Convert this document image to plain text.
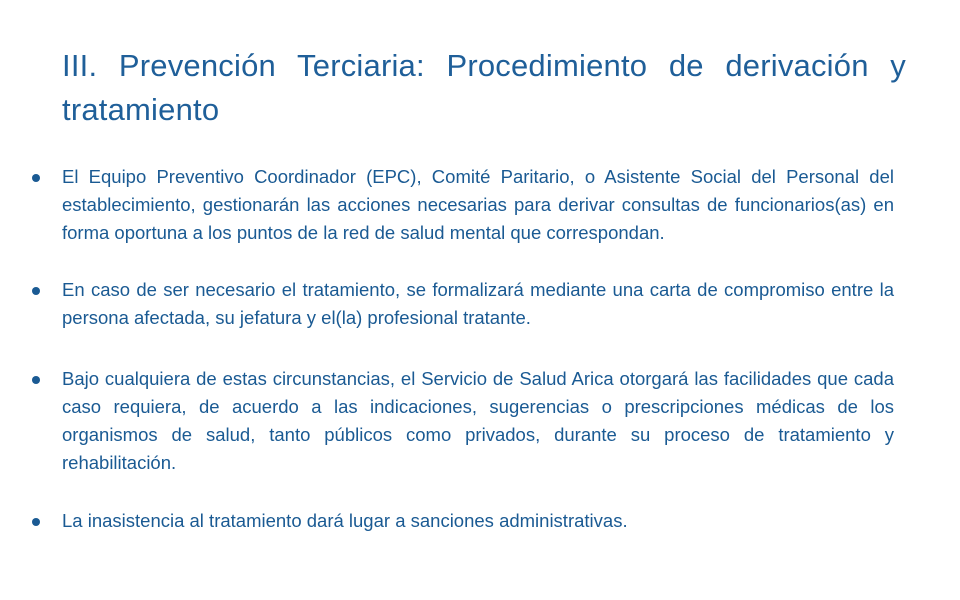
III. Prevención Terciaria: Procedimiento de derivación y tratamiento
El Equipo Preventivo Coordinador (EPC), Comité Paritario, o Asistente Social del Personal del establecimiento, gestionarán las acciones necesarias para derivar consultas de funcionarios(as) en forma oportuna a los puntos de la red de salud mental que correspondan.
En caso de ser necesario el tratamiento, se formalizará mediante una carta de compromiso entre la persona afectada, su jefatura y el(la) profesional tratante.
Bajo cualquiera de estas circunstancias, el Servicio de Salud Arica otorgará las facilidades que cada caso requiera, de acuerdo a las indicaciones, sugerencias o prescripciones médicas de los organismos de salud, tanto públicos como privados, durante su proceso de tratamiento y rehabilitación.
La inasistencia al tratamiento dará lugar a sanciones administrativas.
